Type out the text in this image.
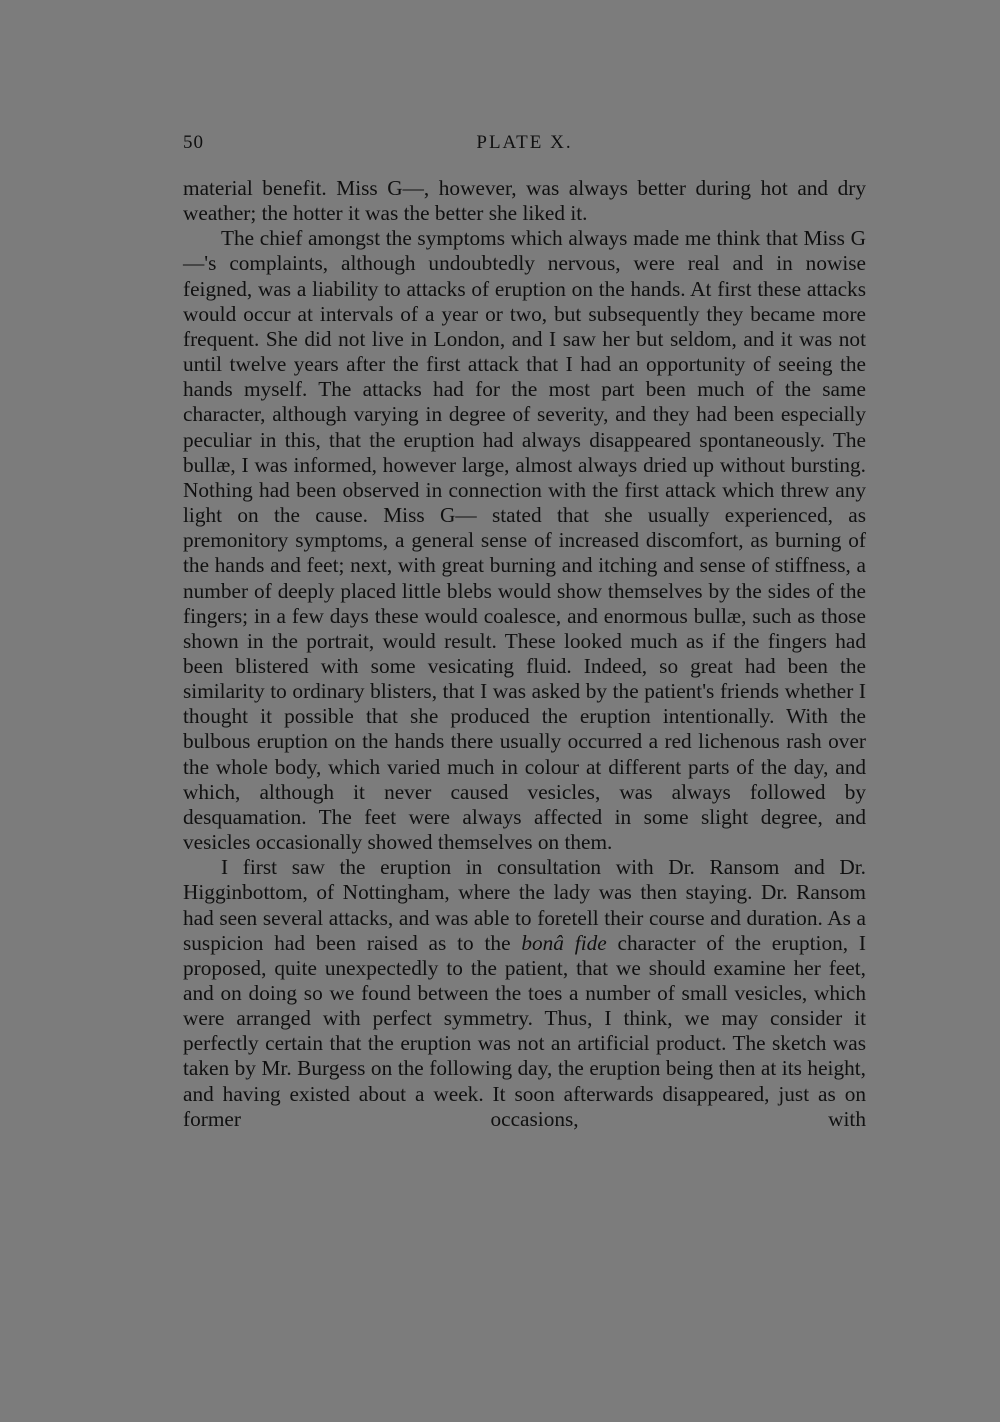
50	PLATE X.

material benefit. Miss G—, however, was always better during hot and dry weather; the hotter it was the better she liked it.

The chief amongst the symptoms which always made me think that Miss G—'s complaints, although undoubtedly nervous, were real and in nowise feigned, was a liability to attacks of eruption on the hands. At first these attacks would occur at intervals of a year or two, but subsequently they became more frequent. She did not live in London, and I saw her but seldom, and it was not until twelve years after the first attack that I had an opportunity of seeing the hands myself. The attacks had for the most part been much of the same character, although varying in degree of severity, and they had been especially peculiar in this, that the eruption had always disappeared spontaneously. The bullæ, I was informed, however large, almost always dried up without bursting. Nothing had been observed in connection with the first attack which threw any light on the cause. Miss G— stated that she usually experienced, as premonitory symptoms, a general sense of increased discomfort, as burning of the hands and feet; next, with great burning and itching and sense of stiffness, a number of deeply placed little blebs would show themselves by the sides of the fingers; in a few days these would coalesce, and enormous bullæ, such as those shown in the portrait, would result. These looked much as if the fingers had been blistered with some vesicating fluid. Indeed, so great had been the similarity to ordinary blisters, that I was asked by the patient's friends whether I thought it possible that she produced the eruption intentionally. With the bulbous eruption on the hands there usually occurred a red lichenous rash over the whole body, which varied much in colour at different parts of the day, and which, although it never caused vesicles, was always followed by desquamation. The feet were always affected in some slight degree, and vesicles occasionally showed themselves on them.

I first saw the eruption in consultation with Dr. Ransom and Dr. Higginbottom, of Nottingham, where the lady was then staying. Dr. Ransom had seen several attacks, and was able to foretell their course and duration. As a suspicion had been raised as to the bonâ fide character of the eruption, I proposed, quite unexpectedly to the patient, that we should examine her feet, and on doing so we found between the toes a number of small vesicles, which were arranged with perfect symmetry. Thus, I think, we may consider it perfectly certain that the eruption was not an artificial product. The sketch was taken by Mr. Burgess on the following day, the eruption being then at its height, and having existed about a week. It soon afterwards disappeared, just as on former occasions, with
